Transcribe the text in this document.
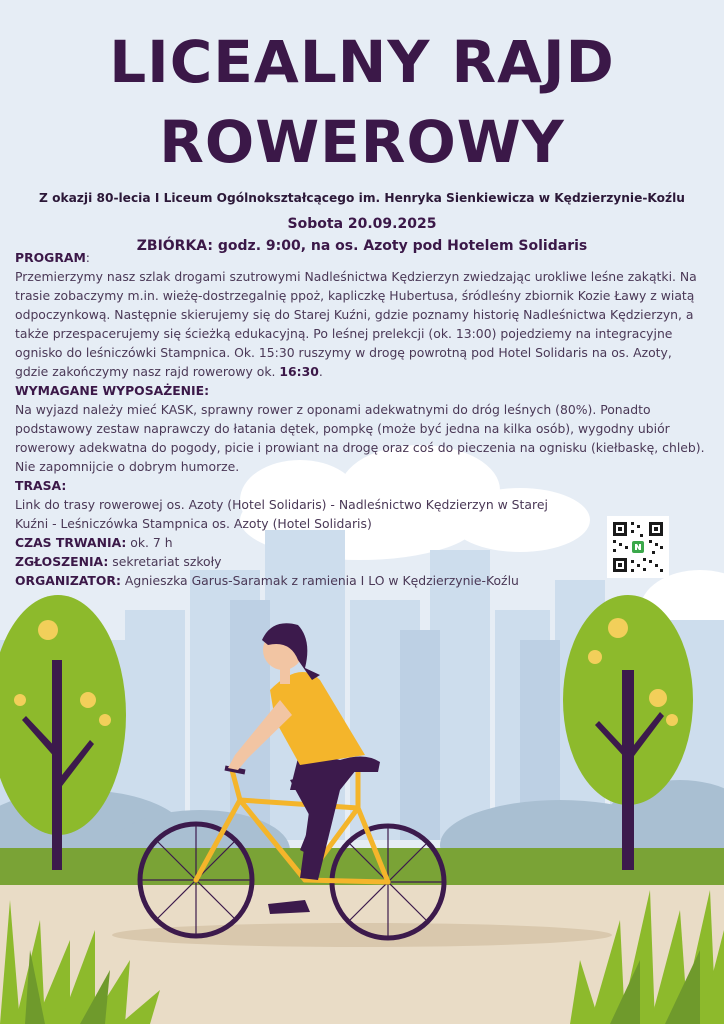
LICEALNY RAJD
ROWEROWY
Z okazji 80-lecia I Liceum Ogólnokształcącego im. Henryka Sienkiewicza w Kędzierzynie-Koźlu
Sobota 20.09.2025
ZBIÓRKA: godz. 9:00, na os. Azoty pod Hotelem Solidaris

PROGRAM:
Przemierzymy nasz szlak drogami szutrowymi Nadleśnictwa Kędzierzyn zwiedzając urokliwe leśne zakątki. Na trasie zobaczymy m.in. wieżę-dostrzegalnię ppoż, kapliczkę Hubertusa, śródleśny zbiornik Kozie Ławy z wiatą odpoczynkową. Następnie skierujemy się do Starej Kuźni, gdzie poznamy historię Nadleśnictwa Kędzierzyn, a także przespacerujemy się ścieżką edukacyjną. Po leśnej prelekcji (ok. 13:00) pojedziemy na integracyjne ognisko do leśniczówki Stampnica. Ok. 15:30 ruszymy w drogę powrotną pod Hotel Solidaris na os. Azoty, gdzie zakończymy nasz rajd rowerowy ok. 16:30.

WYMAGANE WYPOSAŻENIE:
Na wyjazd należy mieć KASK, sprawny rower z oponami adekwatnymi do dróg leśnych (80%). Ponadto podstawowy zestaw naprawczy do łatania dętek, pompkę (może być jedna na kilka osób), wygodny ubiór rowerowy adekwatna do pogody, picie i prowiant na drogę oraz coś do pieczenia na ognisku (kiełbaskę, chleb). Nie zapomnijcie o dobrym humorze.

TRASA:
Link do trasy rowerowej os. Azoty (Hotel Solidaris) - Nadleśnictwo Kędzierzyn w Starej Kuźni - Leśniczówka Stampnica os. Azoty (Hotel Solidaris)

CZAS TRWANIA: ok. 7 h

ZGŁOSZENIA: sekretariat szkoły

ORGANIZATOR: Agnieszka Garus-Saramak z ramienia I LO w Kędzierzynie-Koźlu
